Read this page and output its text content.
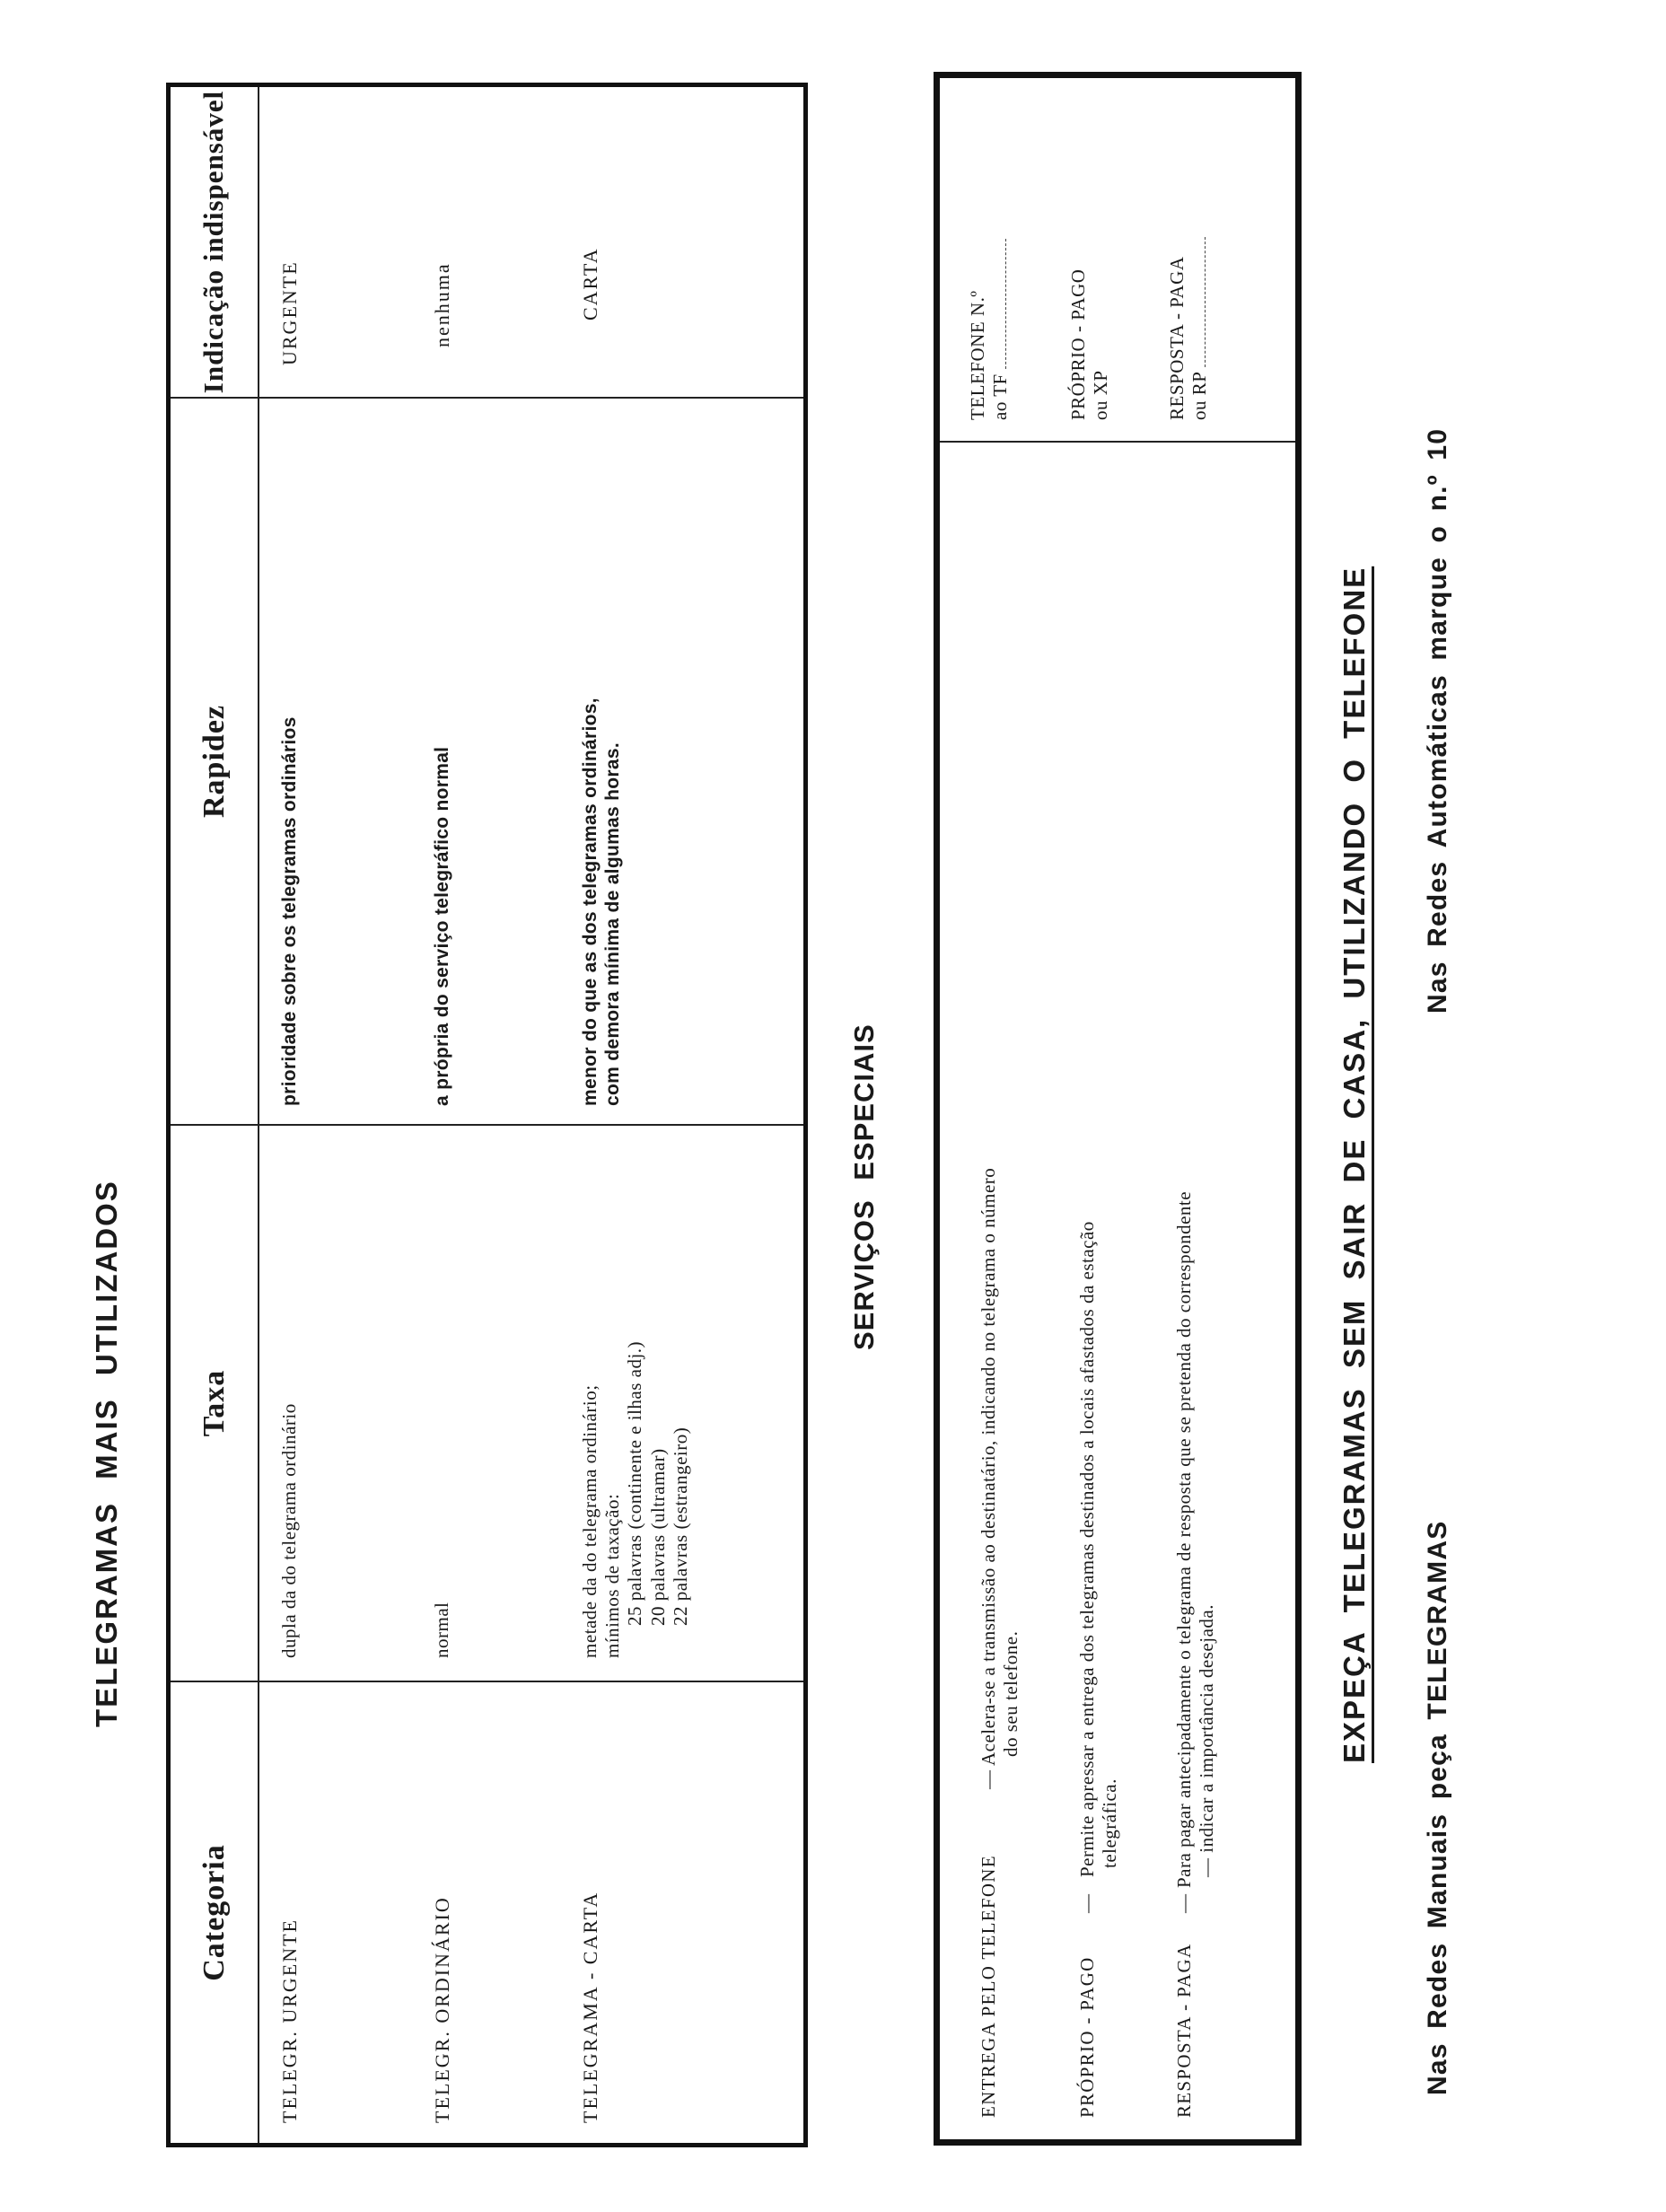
TELEGRAMAS MAIS UTILIZADOS
Categoria
Taxa
Rapidez
Indicação indispensável
TELEGR. URGENTE
dupla da do telegrama ordinário
prioridade sobre os telegramas ordinários
URGENTE
TELEGR. ORDINÁRIO
normal
a própria do serviço telegráfico normal
nenhuma
TELEGRAMA - CARTA
metade da do telegrama ordinário; mínimos de taxação: 25 palavras (continente e ilhas adj.) 20 palavras (ultramar) 22 palavras (estrangeiro)
menor do que as dos telegramas ordinários, com demora mínima de algumas horas.
CARTA
SERVIÇOS ESPECIAIS
ENTREGA PELO TELEFONE
—
Acelera-se a transmissão ao destinatário, indicando no telegrama o número do seu telefone.
TELEFONE N.º ao TF
PRÓPRIO - PAGO
—
Permite apressar a entrega dos telegramas destinados a locais afastados da estação telegráfica.
PRÓPRIO - PAGO ou XP
RESPOSTA - PAGA
—
Para pagar antecipadamente o telegrama de resposta que se pretenda do correspondente — indicar a importância desejada.
RESPOSTA - PAGA ou RP
EXPEÇA TELEGRAMAS SEM SAIR DE CASA, UTILIZANDO O TELEFONE
Nas Redes Manuais peça TELEGRAMAS
Nas Redes Automáticas marque o n.º 10
